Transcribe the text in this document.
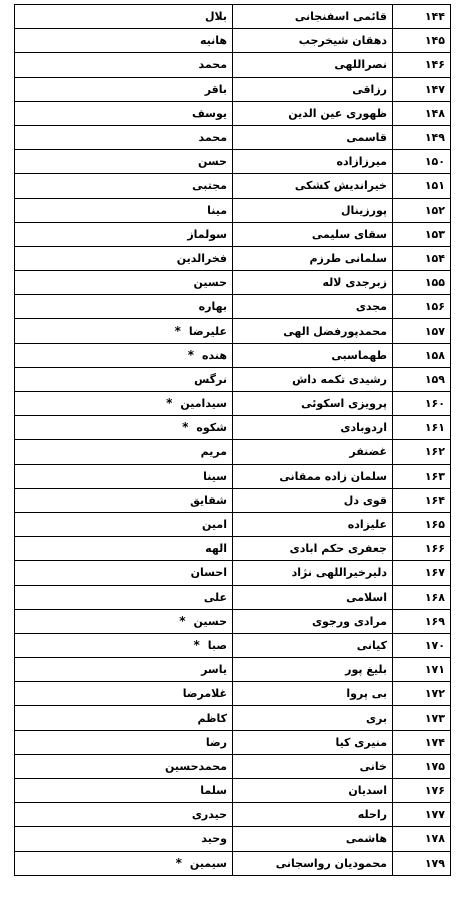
۱۴۴	قائمی اسفنجانی	بلال
۱۴۵	دهقان شیخرجب	هانیه
۱۴۶	نصراللهی	محمد
۱۴۷	رزاقی	باقر
۱۴۸	ظهوری عین الدین	یوسف
۱۴۹	قاسمی	محمد
۱۵۰	میرزازاده	حسن
۱۵۱	خیراندیش کشکی	مجتبی
۱۵۲	پورزینال	مینا
۱۵۳	سقای سلیمی	سولماز
۱۵۴	سلمانی طرزم	فخرالدین
۱۵۵	زبرجدی لاله	حسین
۱۵۶	مجدی	بهاره
۱۵۷	محمدپورفضل الهی	علیرضا*
۱۵۸	طهماسبی	هنده*
۱۵۹	رشیدی تکمه داش	نرگس
۱۶۰	پرویزی اسکوئی	سیدامین*
۱۶۱	اردوبادی	شکوه*
۱۶۲	غضنفر	مریم
۱۶۳	سلمان زاده ممقانی	سینا
۱۶۴	قوی دل	شقایق
۱۶۵	علیزاده	امین
۱۶۶	جعفری حکم ابادی	الهه
۱۶۷	دلیرخیراللهی نژاد	احسان
۱۶۸	اسلامی	علی
۱۶۹	مرادی ورجوی	حسین*
۱۷۰	کیانی	صبا*
۱۷۱	بلیغ پور	یاسر
۱۷۲	بی پروا	غلامرضا
۱۷۳	بری	کاظم
۱۷۴	منیری کیا	رضا
۱۷۵	خانی	محمدحسین
۱۷۶	اسدیان	سلما
۱۷۷	راحله	حیدری
۱۷۸	هاشمی	وحید
۱۷۹	محمودیان رواسجانی	سیمین*
